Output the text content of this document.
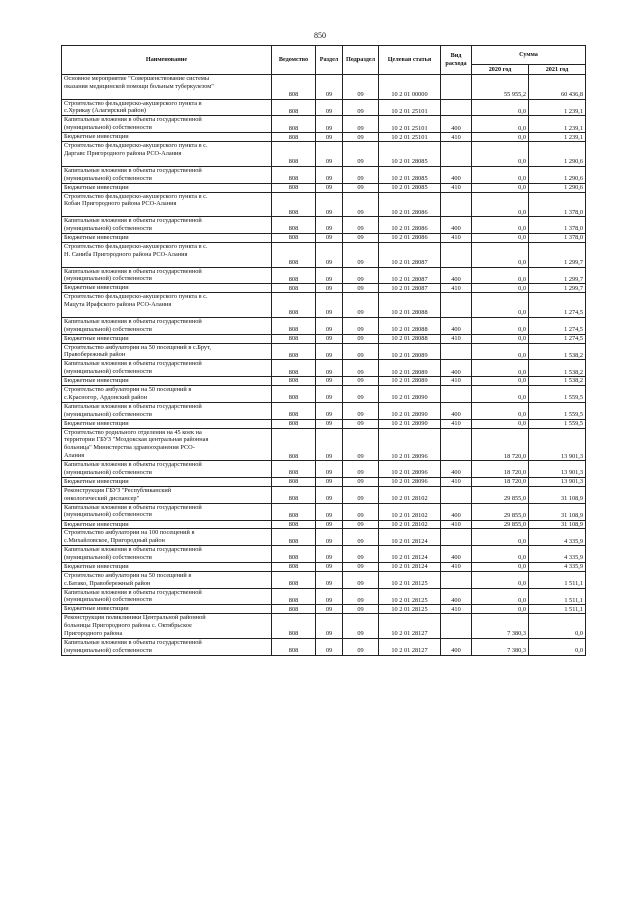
850
Наименование	Ведомство	Раздел	Подраздел	Целевая статья	Вид расхода	Сумма	
						2020 год	2021 год
Основное мероприятие "Совершенствование системы
оказания медицинской помощи больным туберкулезом"	808	09	09	10 2 01 00000		55 955,2	60 436,8
Строительство фельдшерско-акушерского пункта в
с.Хурикау (Алагирский район)	808	09	09	10 2 01 25101		0,0	1 239,1
Капитальные вложения в объекты государственной
(муниципальной) собственности	808	09	09	10 2 01 25101	400	0,0	1 239,1
Бюджетные инвестиции	808	09	09	10 2 01 25101	410	0,0	1 239,1
Строительство фельдшерско-акушерского пункта в с.
Даргавс Пригородного района РСО-Алания	808	09	09	10 2 01 28085		0,0	1 290,6
Капитальные вложения в объекты государственной
(муниципальной) собственности	808	09	09	10 2 01 28085	400	0,0	1 290,6
Бюджетные инвестиции	808	09	09	10 2 01 28085	410	0,0	1 290,6
Строительство фельдшерско-акушерского пункта в с.
Кобан Пригородного района РСО-Алания	808	09	09	10 2 01 28086		0,0	1 378,0
Капитальные вложения в объекты государственной
(муниципальной) собственности	808	09	09	10 2 01 28086	400	0,0	1 378,0
Бюджетные инвестиции	808	09	09	10 2 01 28086	410	0,0	1 378,0
Строительство фельдшерско-акушерского пункта в с.
Н. Саниба Пригородного района РСО-Алания	808	09	09	10 2 01 28087		0,0	1 299,7
Капитальные вложения в объекты государственной
(муниципальной) собственности	808	09	09	10 2 01 28087	400	0,0	1 299,7
Бюджетные инвестиции	808	09	09	10 2 01 28087	410	0,0	1 299,7
Строительство фельдшерско-акушерского пункта в с.
Мацута Ирафского района РСО-Алания	808	09	09	10 2 01 28088		0,0	1 274,5
Капитальные вложения в объекты государственной
(муниципальной) собственности	808	09	09	10 2 01 28088	400	0,0	1 274,5
Бюджетные инвестиции	808	09	09	10 2 01 28088	410	0,0	1 274,5
Строительство амбулатории на 50 посещений в с.Брут,
Правобережный район	808	09	09	10 2 01 28089		0,0	1 538,2
Капитальные вложения в объекты государственной
(муниципальной) собственности	808	09	09	10 2 01 28089	400	0,0	1 538,2
Бюджетные инвестиции	808	09	09	10 2 01 28089	410	0,0	1 538,2
Строительство амбулатории на 50 посещений в
с.Красногор, Ардонский район	808	09	09	10 2 01 28090		0,0	1 559,5
Капитальные вложения в объекты государственной
(муниципальной) собственности	808	09	09	10 2 01 28090	400	0,0	1 559,5
Бюджетные инвестиции	808	09	09	10 2 01 28090	410	0,0	1 559,5
Строительство родильного отделения на 45 коек на
территории ГБУЗ "Моздокская центральная районная
больница" Министерства здравоохранения РСО-
Алания	808	09	09	10 2 01 28096		18 720,0	13 901,3
Капитальные вложения в объекты государственной
(муниципальной) собственности	808	09	09	10 2 01 28096	400	18 720,0	13 901,3
Бюджетные инвестиции	808	09	09	10 2 01 28096	410	18 720,0	13 901,3
Реконструкция ГБУЗ "Республиканский
онкологический диспансер"	808	09	09	10 2 01 28102		29 855,0	31 108,9
Капитальные вложения в объекты государственной
(муниципальной) собственности	808	09	09	10 2 01 28102	400	29 855,0	31 108,9
Бюджетные инвестиции	808	09	09	10 2 01 28102	410	29 855,0	31 108,9
Строительство амбулатории на 100 посещений в
с.Михайловское, Пригородный район	808	09	09	10 2 01 28124		0,0	4 335,9
Капитальные вложения в объекты государственной
(муниципальной) собственности	808	09	09	10 2 01 28124	400	0,0	4 335,9
Бюджетные инвестиции	808	09	09	10 2 01 28124	410	0,0	4 335,9
Строительство амбулатории на 50 посещений в
с.Батако, Правобережный район	808	09	09	10 2 01 28125		0,0	1 511,1
Капитальные вложения в объекты государственной
(муниципальной) собственности	808	09	09	10 2 01 28125	400	0,0	1 511,1
Бюджетные инвестиции	808	09	09	10 2 01 28125	410	0,0	1 511,1
Реконструкция поликлиники Центральной районной
больницы Пригородного района с. Октябрьское
Пригородного района	808	09	09	10 2 01 28127		7 380,3	0,0
Капитальные вложения в объекты государственной
(муниципальной) собственности	808	09	09	10 2 01 28127	400	7 380,3	0,0
